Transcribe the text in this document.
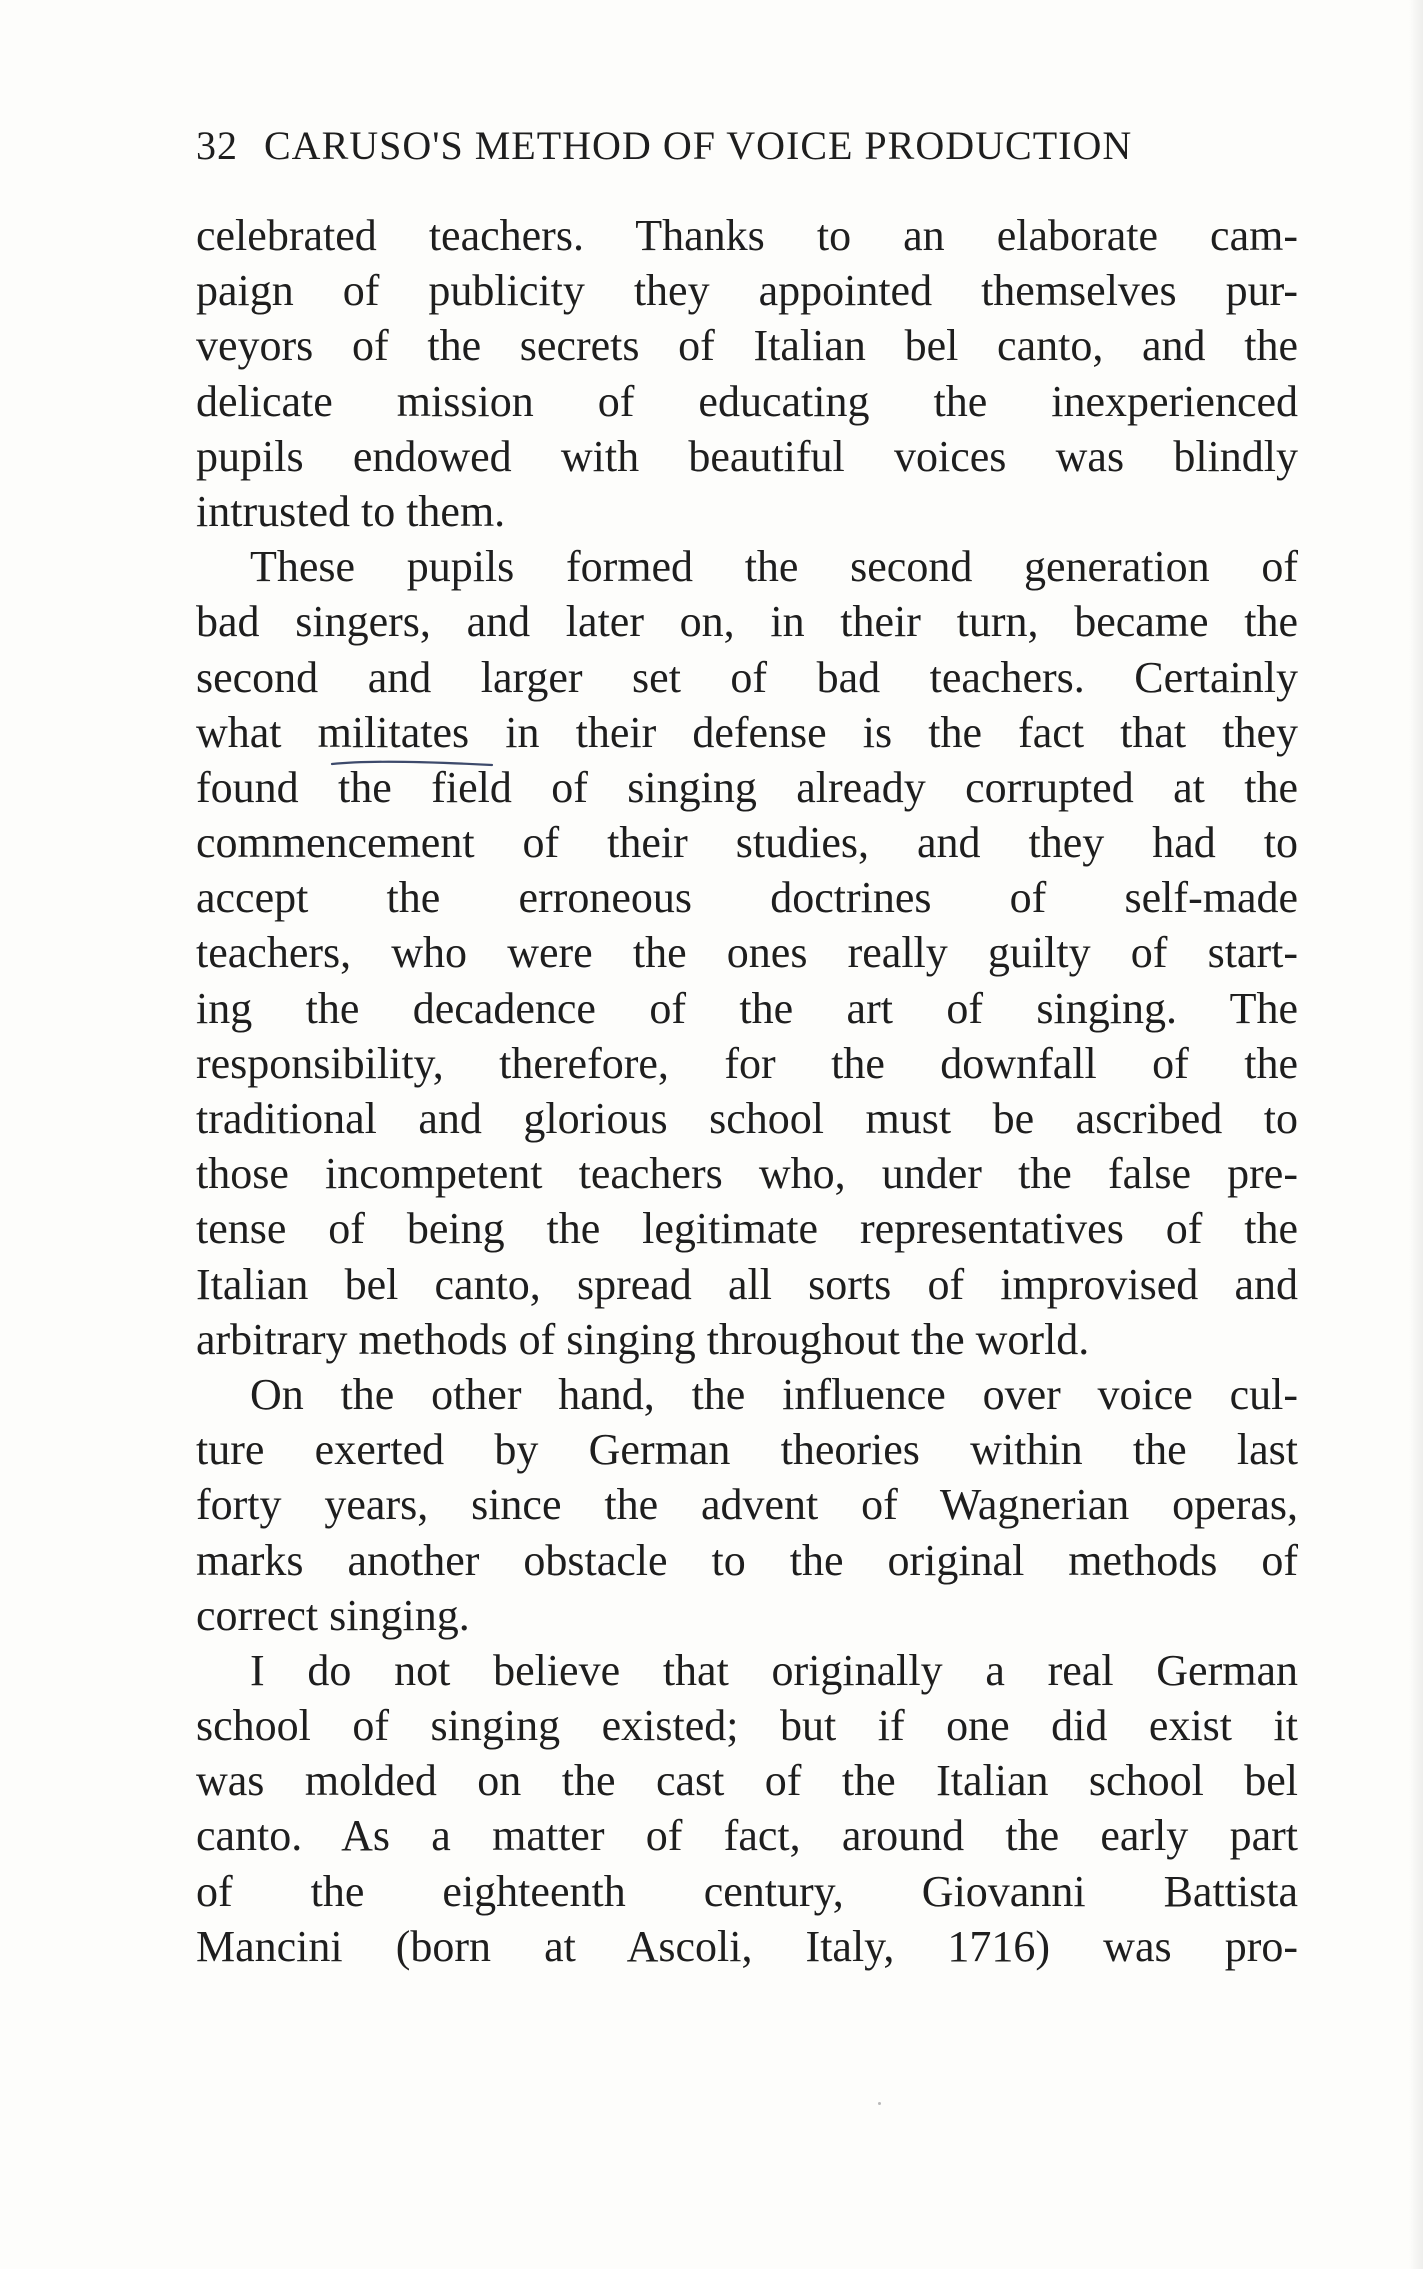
32 CARUSO'S METHOD OF VOICE PRODUCTION
celebrated teachers. Thanks to an elaborate cam-
paign of publicity they appointed themselves pur-
veyors of the secrets of Italian bel canto, and the
delicate mission of educating the inexperienced
pupils endowed with beautiful voices was blindly
intrusted to them.
These pupils formed the second generation of
bad singers, and later on, in their turn, became the
second and larger set of bad teachers. Certainly
what militates in their defense is the fact that they
found the field of singing already corrupted at the
commencement of their studies, and they had to
accept the erroneous doctrines of self-made
teachers, who were the ones really guilty of start-
ing the decadence of the art of singing. The
responsibility, therefore, for the downfall of the
traditional and glorious school must be ascribed to
those incompetent teachers who, under the false pre-
tense of being the legitimate representatives of the
Italian bel canto, spread all sorts of improvised and
arbitrary methods of singing throughout the world.
On the other hand, the influence over voice cul-
ture exerted by German theories within the last
forty years, since the advent of Wagnerian operas,
marks another obstacle to the original methods of
correct singing.
I do not believe that originally a real German
school of singing existed; but if one did exist it
was molded on the cast of the Italian school bel
canto. As a matter of fact, around the early part
of the eighteenth century, Giovanni Battista
Mancini (born at Ascoli, Italy, 1716) was pro-
